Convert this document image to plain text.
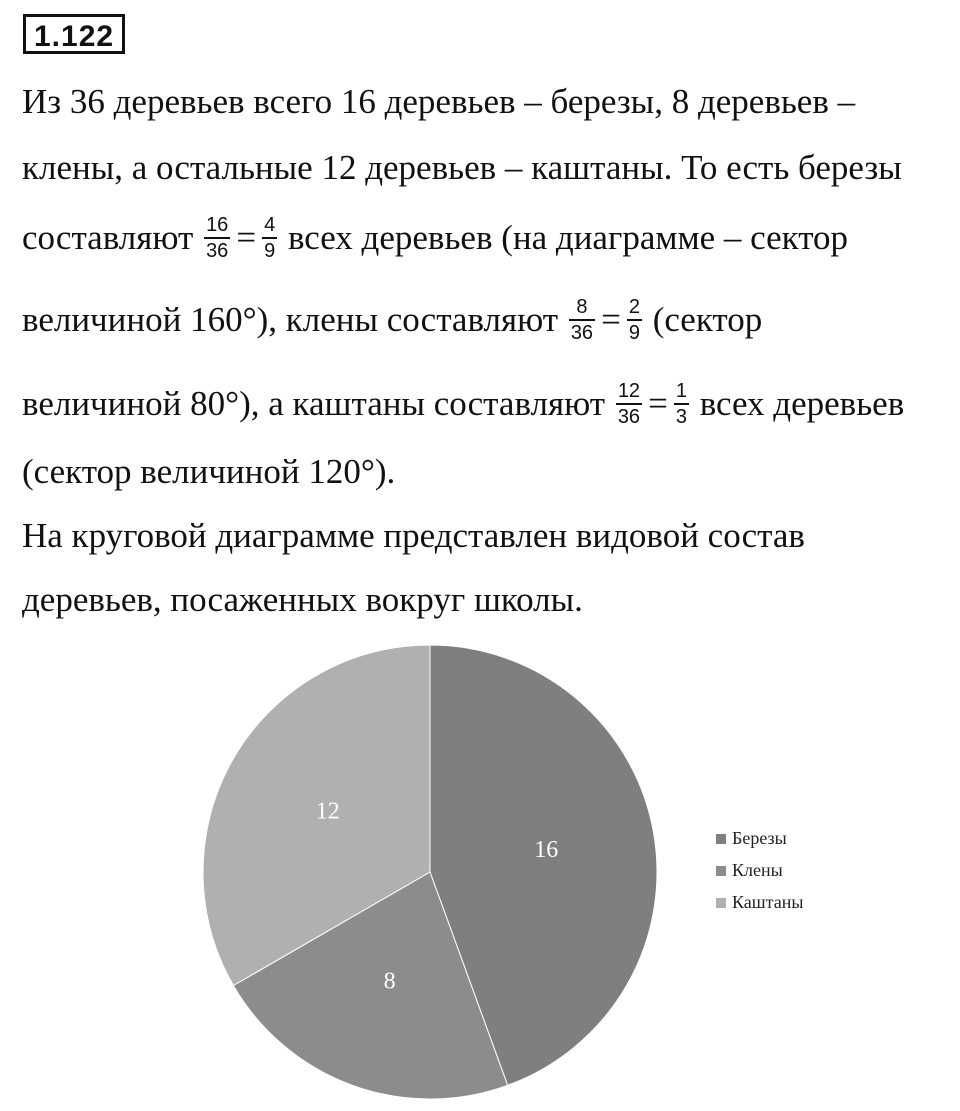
1.122
Из 36 деревьев всего 16 деревьев – березы, 8 деревьев –
клены, а остальные 12 деревьев – каштаны. То есть березы
составляют $\frac{16}{36} = \frac{4}{9}$ всех деревьев (на диаграмме – сектор
величиной 160°), клены составляют $\frac{8}{36} = \frac{2}{9}$ (сектор
величиной 80°), а каштаны составляют $\frac{12}{36} = \frac{1}{3}$ всех деревьев
(сектор величиной 120°).
На круговой диаграмме представлен видовой состав
деревьев, посаженных вокруг школы.
16
8
12
Березы
Клены
Каштаны
